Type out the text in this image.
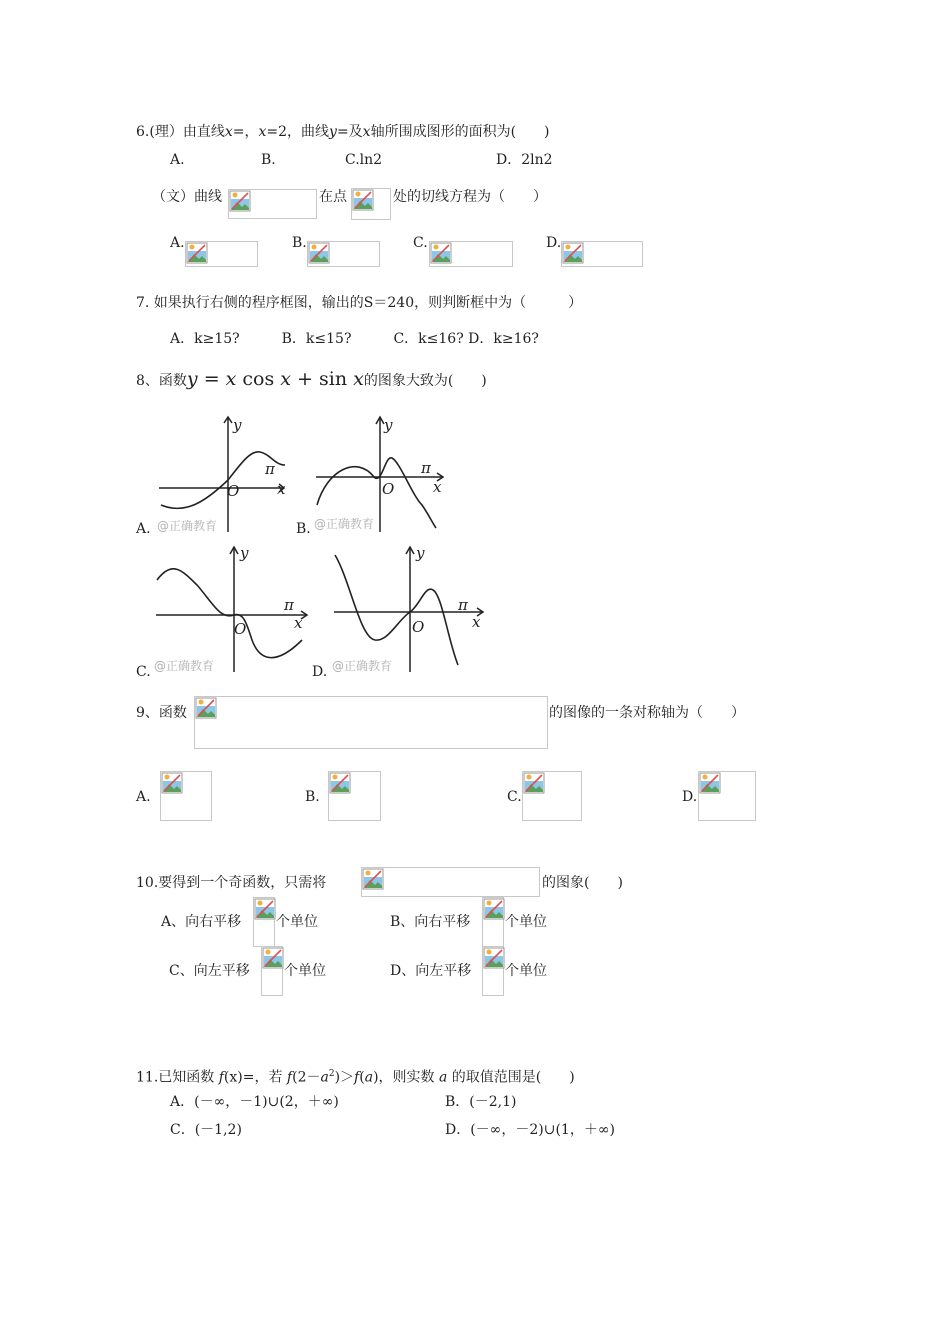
6.(理）由直线x=，x=2，曲线y=及x轴所围成图形的面积为(　　)
A.	B.	C.ln2	D．2ln2
（文）曲线	在点	处的切线方程为（　　）
A.	B.	C.	D.
7. 如果执行右侧的程序框图，输出的S＝240，则判断框中为（　　　）
A．k≥15?　　　B．k≤15?　　　C．k≤16? D．k≥16?
8、函数y = x cos x + sin x的图象大致为(　　)
A.	B.
C.	D.
y
x
O
π
@正确教育
y
x
O
π
@正确教育
y
x
O
π
@正确教育
y
x
O
π
@正确教育
9、函数	的图像的一条对称轴为（　　）
A.	B.	C.	D.
10.要得到一个奇函数，只需将	的图象(　　)
A、向右平移 个单位	B、向右平移 个单位
C、向左平移 个单位	D、向左平移 个单位
11.已知函数 f(x)=，若 $f(2-a^2)>f(a)$，则实数 a 的取值范围是(　　)
A．(－∞，－1)∪(2，＋∞)	B．(－2,1)
C．(－1,2)	D．(－∞，－2)∪(1，＋∞)
